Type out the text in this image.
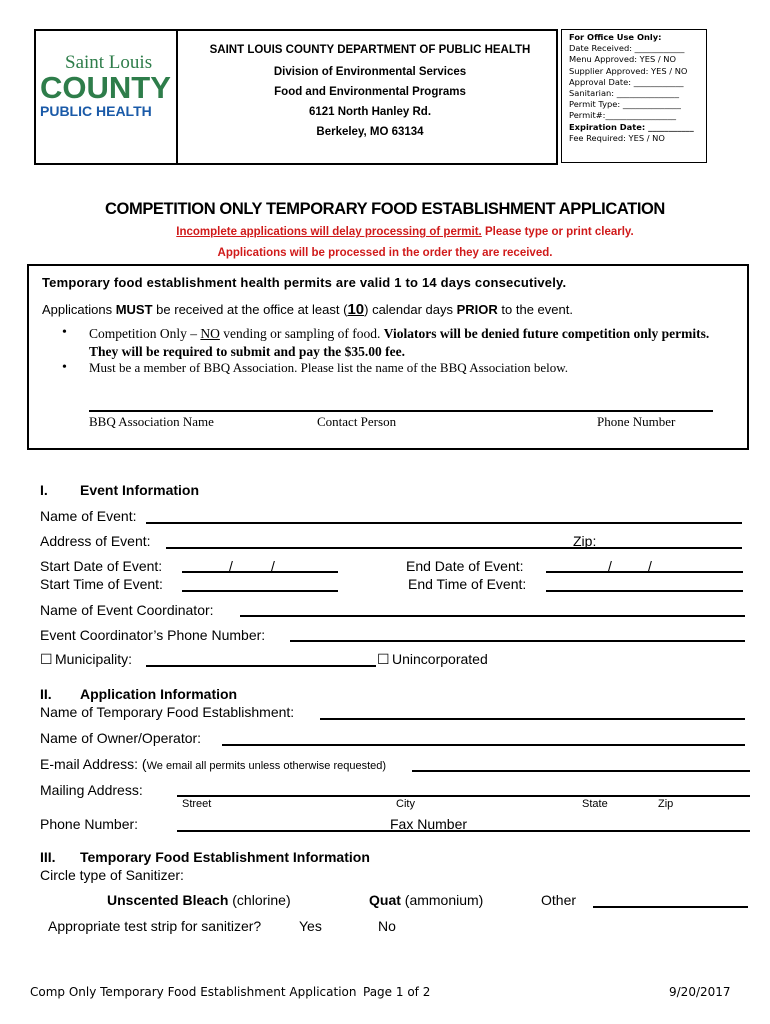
Saint Louis
COUNTY
PUBLIC HEALTH
SAINT LOUIS COUNTY DEPARTMENT OF PUBLIC HEALTH
Division of Environmental Services
Food and Environmental Programs
6121 North Hanley Rd.
Berkeley, MO 63134
For Office Use Only:
Date Received: ____________
Menu Approved: YES / NO
Supplier Approved: YES / NO
Approval Date: ____________
Sanitarian: _______________
Permit Type: ______________
Permit#:_________________
Expiration Date: ___________
Fee Required: YES / NO
COMPETITION ONLY TEMPORARY FOOD ESTABLISHMENT APPLICATION
Incomplete applications will delay processing of permit. Please type or print clearly.
Applications will be processed in the order they are received.
Temporary food establishment health permits are valid 1 to 14 days consecutively.
Applications MUST be received at the office at least (10) calendar days PRIOR to the event.
• Competition Only – NO vending or sampling of food. Violators will be denied future competition only permits. They will be required to submit and pay the $35.00 fee.
• Must be a member of BBQ Association. Please list the name of the BBQ Association below.
BBQ Association Name	Contact Person	Phone Number
I. Event Information
Name of Event:
Address of Event:	Zip:
Start Date of Event:	/	/	End Date of Event:	/	/
Start Time of Event:	End Time of Event:
Name of Event Coordinator:
Event Coordinator’s Phone Number:
☐ Municipality:	☐ Unincorporated
II. Application Information
Name of Temporary Food Establishment:
Name of Owner/Operator:
E-mail Address: (We email all permits unless otherwise requested)
Mailing Address:
Street	City	State	Zip
Phone Number:	Fax Number
III. Temporary Food Establishment Information
Circle type of Sanitizer:
Unscented Bleach (chlorine)	Quat (ammonium)	Other
Appropriate test strip for sanitizer?	Yes	No
Comp Only Temporary Food Establishment Application Page 1 of 2	9/20/2017
